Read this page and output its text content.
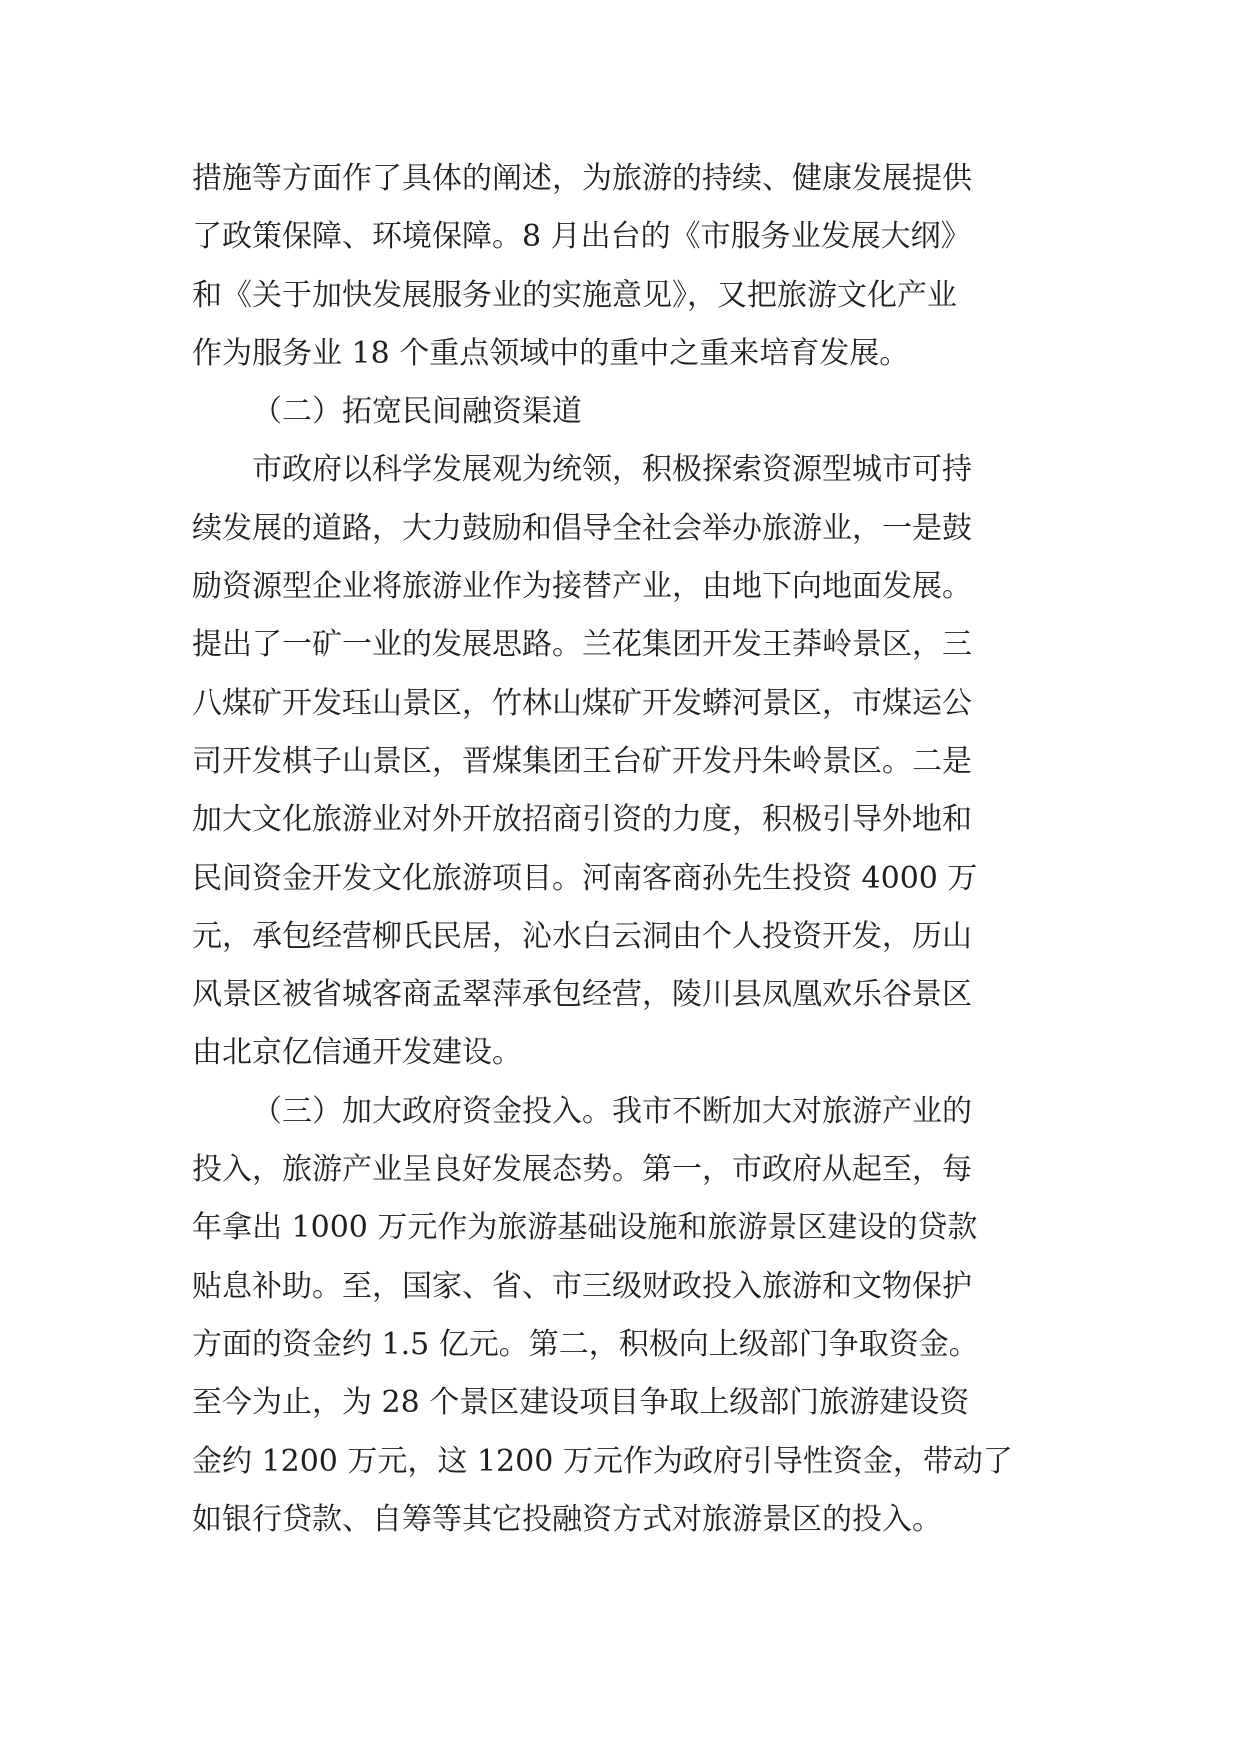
措施等方面作了具体的阐述，为旅游的持续、健康发展提供
了政策保障、环境保障。8 月出台的《市服务业发展大纲》
和《关于加快发展服务业的实施意见》，又把旅游文化产业
作为服务业 18 个重点领域中的重中之重来培育发展。
（二）拓宽民间融资渠道
市政府以科学发展观为统领，积极探索资源型城市可持
续发展的道路，大力鼓励和倡导全社会举办旅游业，一是鼓
励资源型企业将旅游业作为接替产业，由地下向地面发展。
提出了一矿一业的发展思路。兰花集团开发王莽岭景区，三
八煤矿开发珏山景区，竹林山煤矿开发蟒河景区，市煤运公
司开发棋子山景区，晋煤集团王台矿开发丹朱岭景区。二是
加大文化旅游业对外开放招商引资的力度，积极引导外地和
民间资金开发文化旅游项目。河南客商孙先生投资 4000 万
元，承包经营柳氏民居，沁水白云洞由个人投资开发，历山
风景区被省城客商孟翠萍承包经营，陵川县凤凰欢乐谷景区
由北京亿信通开发建设。
（三）加大政府资金投入。我市不断加大对旅游产业的
投入，旅游产业呈良好发展态势。第一，市政府从起至，每
年拿出 1000 万元作为旅游基础设施和旅游景区建设的贷款
贴息补助。至，国家、省、市三级财政投入旅游和文物保护
方面的资金约 1.5 亿元。第二，积极向上级部门争取资金。
至今为止，为 28 个景区建设项目争取上级部门旅游建设资
金约 1200 万元，这 1200 万元作为政府引导性资金，带动了
如银行贷款、自筹等其它投融资方式对旅游景区的投入。
